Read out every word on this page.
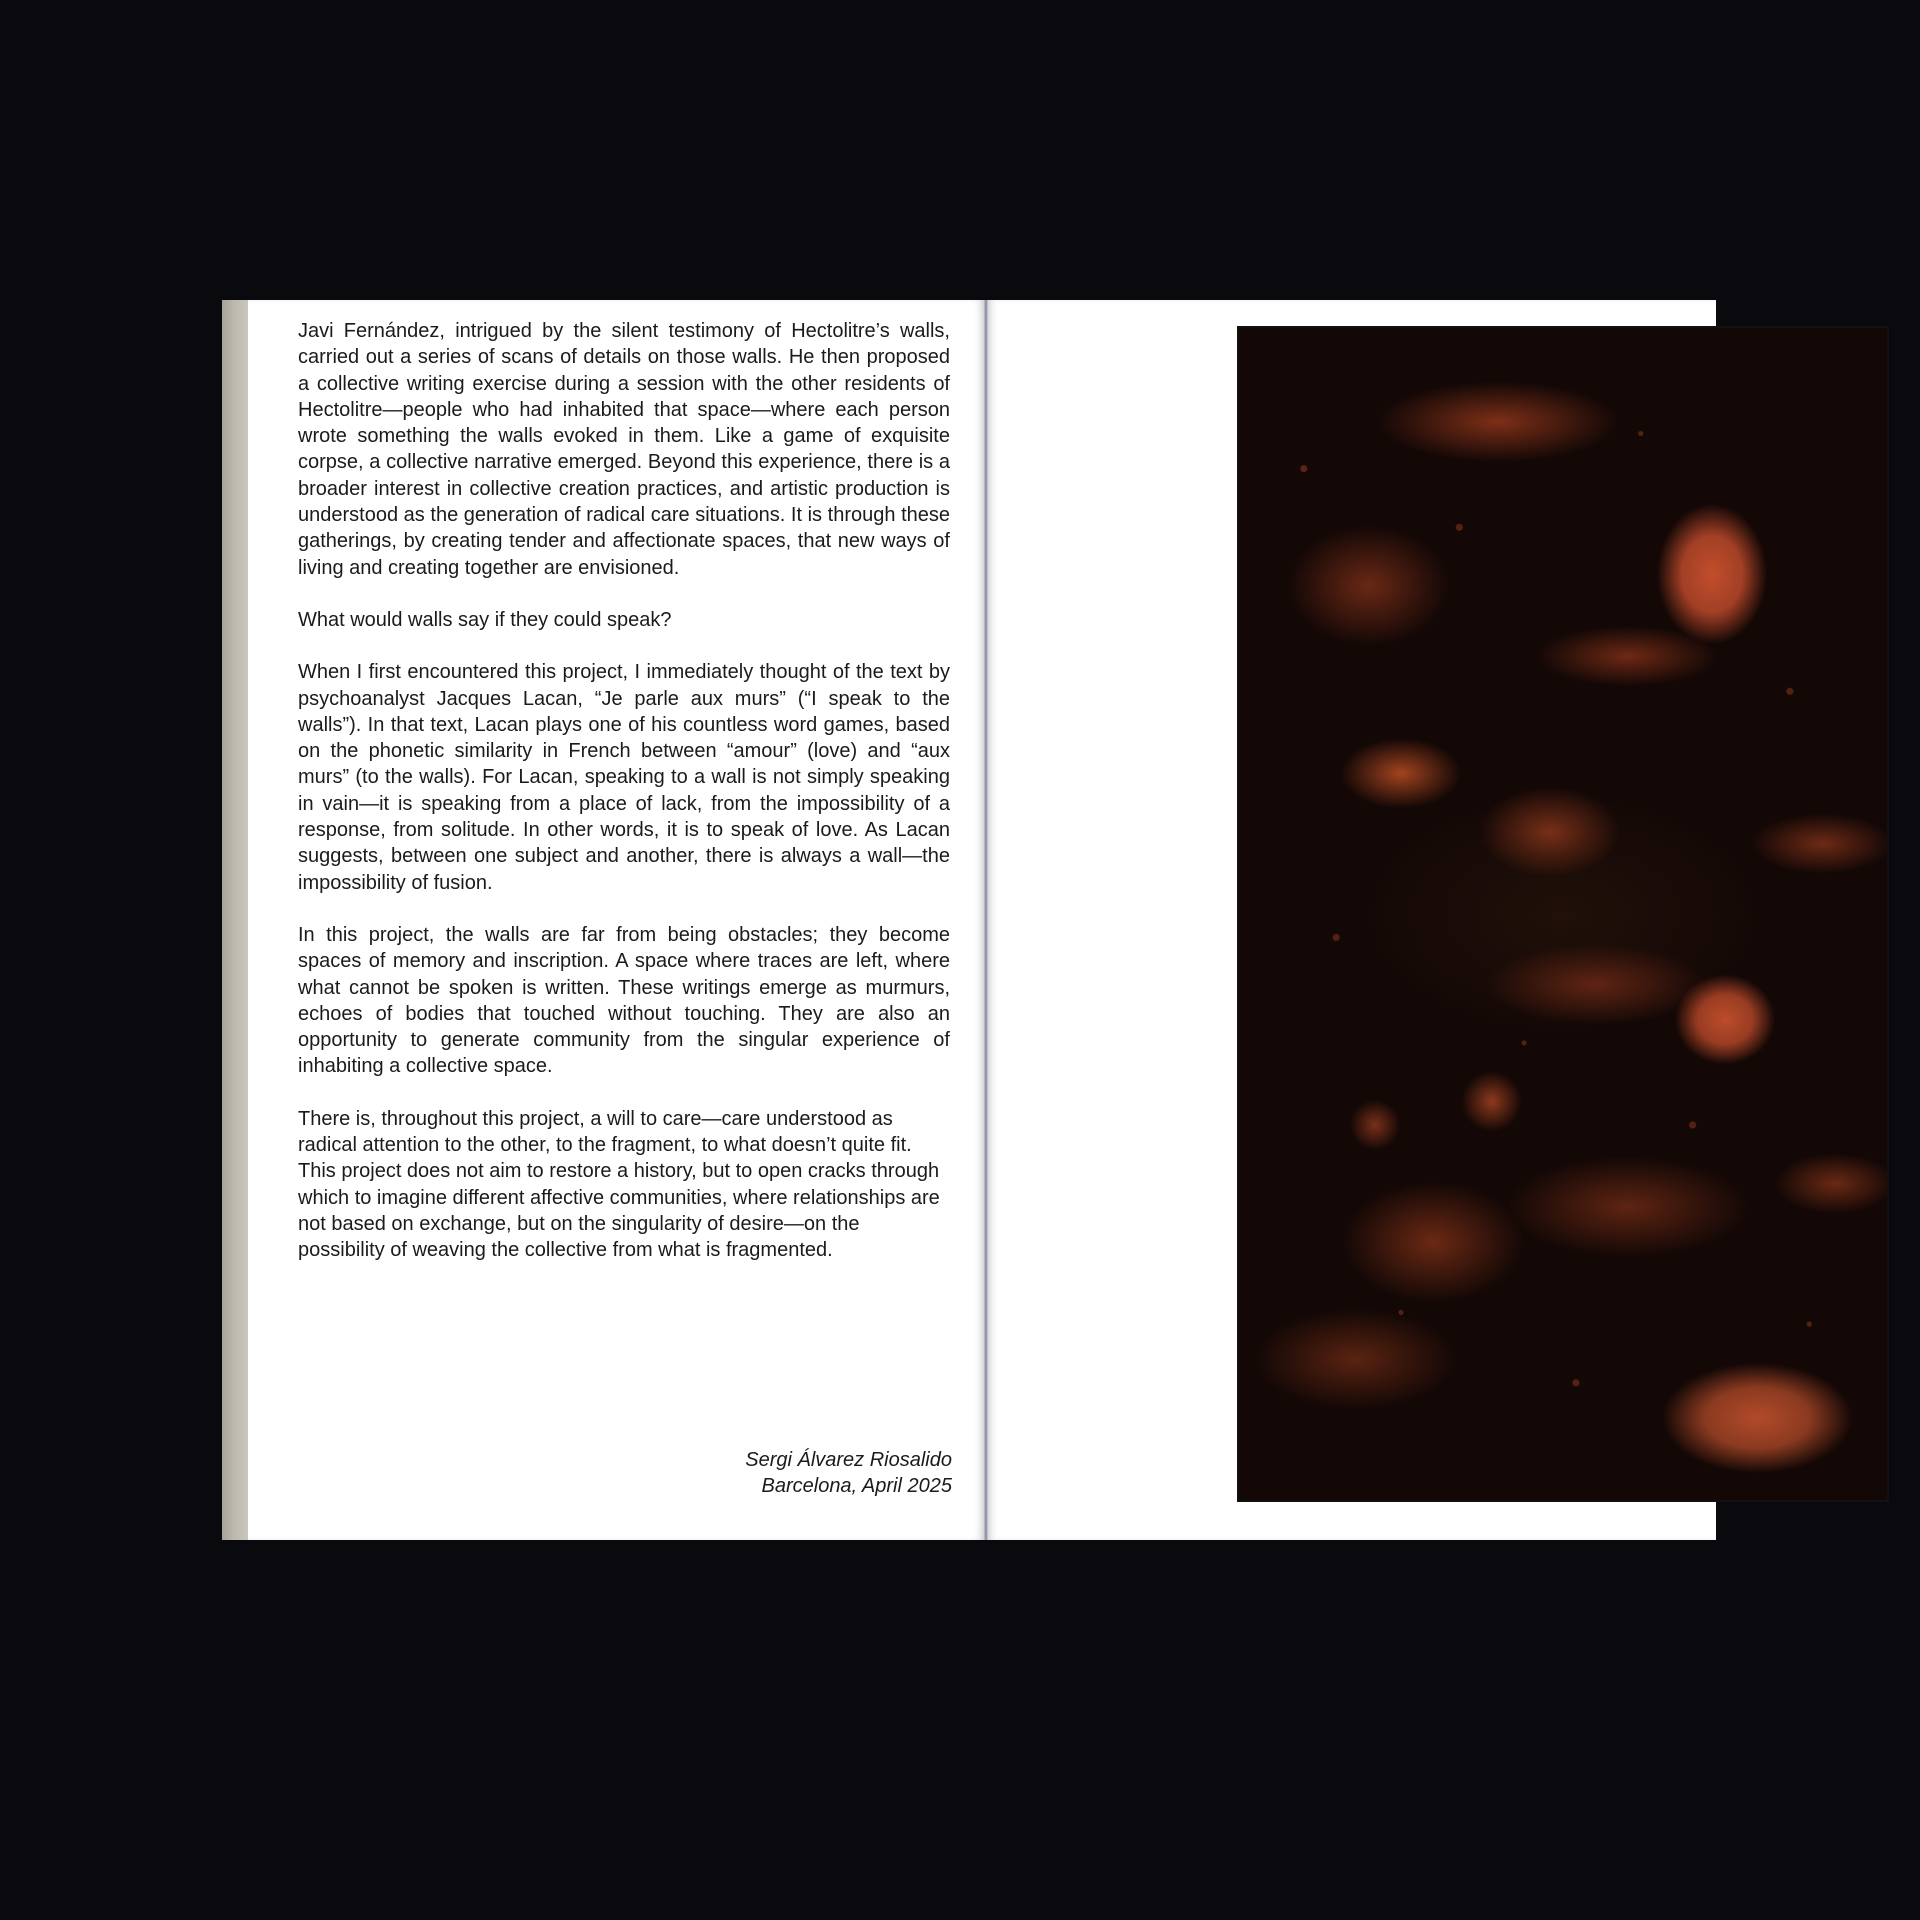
Javi Fernández, intrigued by the silent testimony of Hectolitre’s walls, carried out a series of scans of details on those walls. He then proposed a collective writing exercise during a session with the other residents of Hectolitre—people who had inhabited that space—where each person wrote something the walls evoked in them. Like a game of exquisite corpse, a collective narrative emerged. Beyond this experience, there is a broader interest in collective creation practices, and artistic production is understood as the generation of radical care situations. It is through these gatherings, by creating tender and affectionate spaces, that new ways of living and creating together are envisioned.

What would walls say if they could speak?

When I first encountered this project, I immediately thought of the text by psychoanalyst Jacques Lacan, “Je parle aux murs” (“I speak to the walls”). In that text, Lacan plays one of his countless word games, based on the phonetic similarity in French between “amour” (love) and “aux murs” (to the walls). For Lacan, speaking to a wall is not simply speaking in vain—it is speaking from a place of lack, from the impossibility of a response, from solitude. In other words, it is to speak of love. As Lacan suggests, between one subject and another, there is always a wall—the impossibility of fusion.

In this project, the walls are far from being obstacles; they become spaces of memory and inscription. A space where traces are left, where what cannot be spoken is written. These writings emerge as murmurs, echoes of bodies that touched without touching. They are also an opportunity to generate community from the singular experience of inhabiting a collective space.

There is, throughout this project, a will to care—care understood as radical attention to the other, to the fragment, to what doesn’t quite fit. This project does not aim to restore a history, but to open cracks through which to imagine different affective communities, where relationships are not based on exchange, but on the singularity of desire—on the possibility of weaving the collective from what is fragmented.

Sergi Álvarez Riosalido
Barcelona, April 2025
